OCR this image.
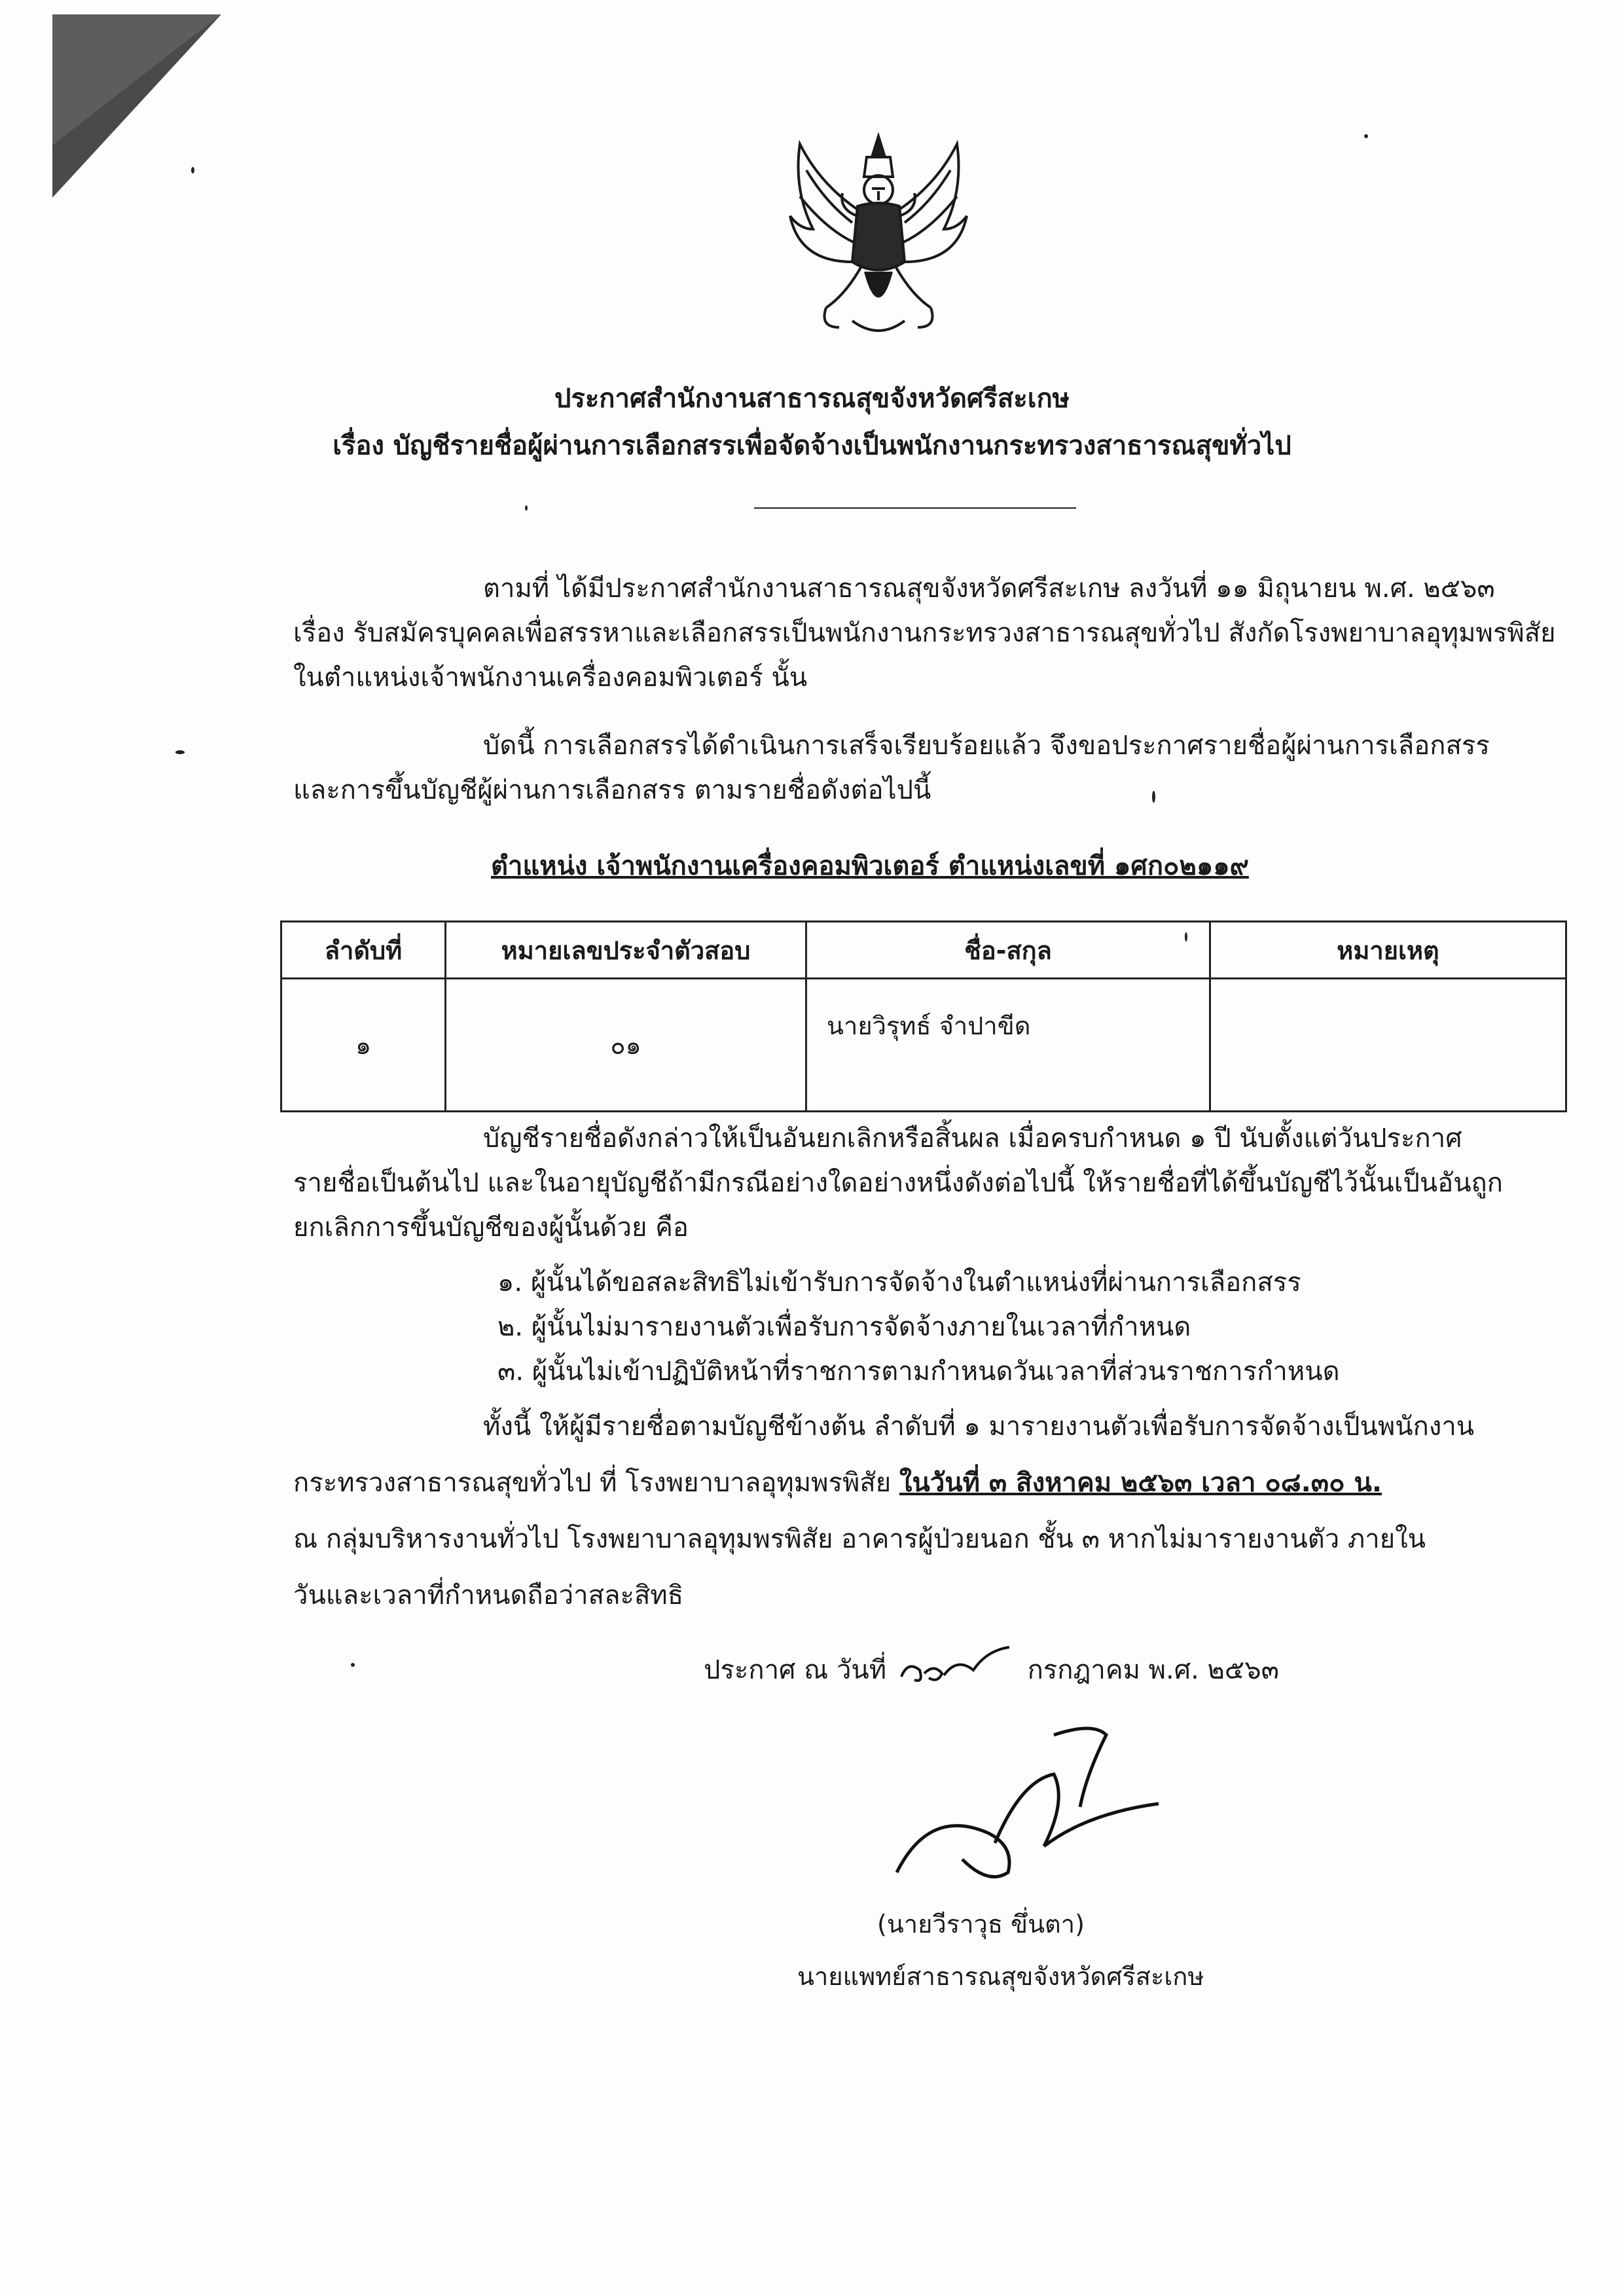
ประกาศสำนักงานสาธารณสุขจังหวัดศรีสะเกษ
เรื่อง บัญชีรายชื่อผู้ผ่านการเลือกสรรเพื่อจัดจ้างเป็นพนักงานกระทรวงสาธารณสุขทั่วไป
ตามที่ ได้มีประกาศสำนักงานสาธารณสุขจังหวัดศรีสะเกษ ลงวันที่ ๑๑ มิถุนายน พ.ศ. ๒๕๖๓
เรื่อง รับสมัครบุคคลเพื่อสรรหาและเลือกสรรเป็นพนักงานกระทรวงสาธารณสุขทั่วไป สังกัดโรงพยาบาลอุทุมพรพิสัย
ในตำแหน่งเจ้าพนักงานเครื่องคอมพิวเตอร์ นั้น
บัดนี้ การเลือกสรรได้ดำเนินการเสร็จเรียบร้อยแล้ว จึงขอประกาศรายชื่อผู้ผ่านการเลือกสรร
และการขึ้นบัญชีผู้ผ่านการเลือกสรร ตามรายชื่อดังต่อไปนี้
ตำแหน่ง เจ้าพนักงานเครื่องคอมพิวเตอร์ ตำแหน่งเลขที่ ๑ศก๐๒๑๑๙
ลำดับที่	หมายเลขประจำตัวสอบ	ชื่อ-สกุล	หมายเหตุ
๑	๐๑	นายวิรุทธ์ จำปาขีด	
บัญชีรายชื่อดังกล่าวให้เป็นอันยกเลิกหรือสิ้นผล เมื่อครบกำหนด ๑ ปี นับตั้งแต่วันประกาศ
รายชื่อเป็นต้นไป และในอายุบัญชีถ้ามีกรณีอย่างใดอย่างหนึ่งดังต่อไปนี้ ให้รายชื่อที่ได้ขึ้นบัญชีไว้นั้นเป็นอันถูก
ยกเลิกการขึ้นบัญชีของผู้นั้นด้วย คือ
๑. ผู้นั้นได้ขอสละสิทธิไม่เข้ารับการจัดจ้างในตำแหน่งที่ผ่านการเลือกสรร
๒. ผู้นั้นไม่มารายงานตัวเพื่อรับการจัดจ้างภายในเวลาที่กำหนด
๓. ผู้นั้นไม่เข้าปฏิบัติหน้าที่ราชการตามกำหนดวันเวลาที่ส่วนราชการกำหนด
ทั้งนี้ ให้ผู้มีรายชื่อตามบัญชีข้างต้น ลำดับที่ ๑ มารายงานตัวเพื่อรับการจัดจ้างเป็นพนักงาน
กระทรวงสาธารณสุขทั่วไป ที่ โรงพยาบาลอุทุมพรพิสัย ในวันที่ ๓ สิงหาคม ๒๕๖๓ เวลา ๐๘.๓๐ น.
ณ กลุ่มบริหารงานทั่วไป โรงพยาบาลอุทุมพรพิสัย อาคารผู้ป่วยนอก ชั้น ๓ หากไม่มารายงานตัว ภายใน
วันและเวลาที่กำหนดถือว่าสละสิทธิ
ประกาศ ณ วันที่	กรกฎาคม พ.ศ. ๒๕๖๓
(นายวีราวุธ ขึ่นตา)
นายแพทย์สาธารณสุขจังหวัดศรีสะเกษ
